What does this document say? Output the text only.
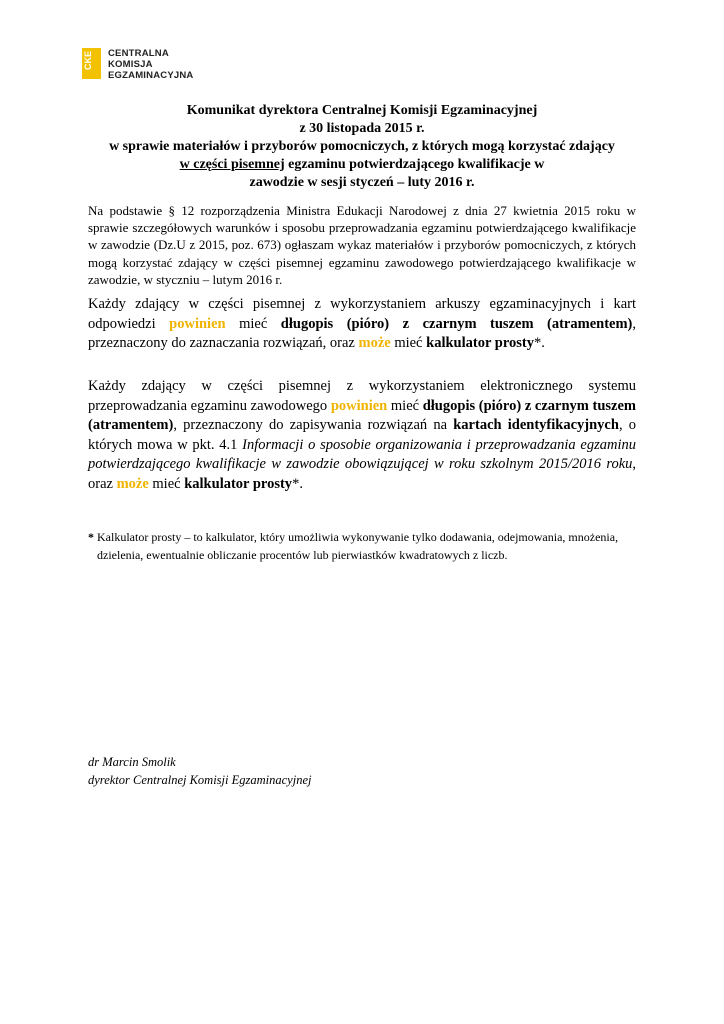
CKE CENTRALNA
KOMISJA
EGZAMINACYJNA
Komunikat dyrektora Centralnej Komisji Egzaminacyjnej
z 30 listopada 2015 r.
w sprawie materiałów i przyborów pomocniczych, z których mogą korzystać zdający
w części pisemnej egzaminu potwierdzającego kwalifikacje w
zawodzie w sesji styczeń – luty 2016 r.
Na podstawie § 12 rozporządzenia Ministra Edukacji Narodowej z dnia 27 kwietnia 2015 roku w sprawie szczegółowych warunków i sposobu przeprowadzania egzaminu potwierdzającego kwalifikacje w zawodzie (Dz.U z 2015, poz. 673) ogłaszam wykaz materiałów i przyborów pomocniczych, z których mogą korzystać zdający w części pisemnej egzaminu zawodowego potwierdzającego kwalifikacje w zawodzie, w styczniu – lutym 2016 r.
Każdy zdający w części pisemnej z wykorzystaniem arkuszy egzaminacyjnych i kart odpowiedzi powinien mieć długopis (pióro) z czarnym tuszem (atramentem), przeznaczony do zaznaczania rozwiązań, oraz może mieć kalkulator prosty*.
Każdy zdający w części pisemnej z wykorzystaniem elektronicznego systemu przeprowadzania egzaminu zawodowego powinien mieć długopis (pióro) z czarnym tuszem (atramentem), przeznaczony do zapisywania rozwiązań na kartach identyfikacyjnych, o których mowa w pkt. 4.1 Informacji o sposobie organizowania i przeprowadzania egzaminu potwierdzającego kwalifikacje w zawodzie obowiązującej w roku szkolnym 2015/2016 roku, oraz może mieć kalkulator prosty*.
* Kalkulator prosty – to kalkulator, który umożliwia wykonywanie tylko dodawania, odejmowania, mnożenia,
dzielenia, ewentualnie obliczanie procentów lub pierwiastków kwadratowych z liczb.
dr Marcin Smolik
dyrektor Centralnej Komisji Egzaminacyjnej
